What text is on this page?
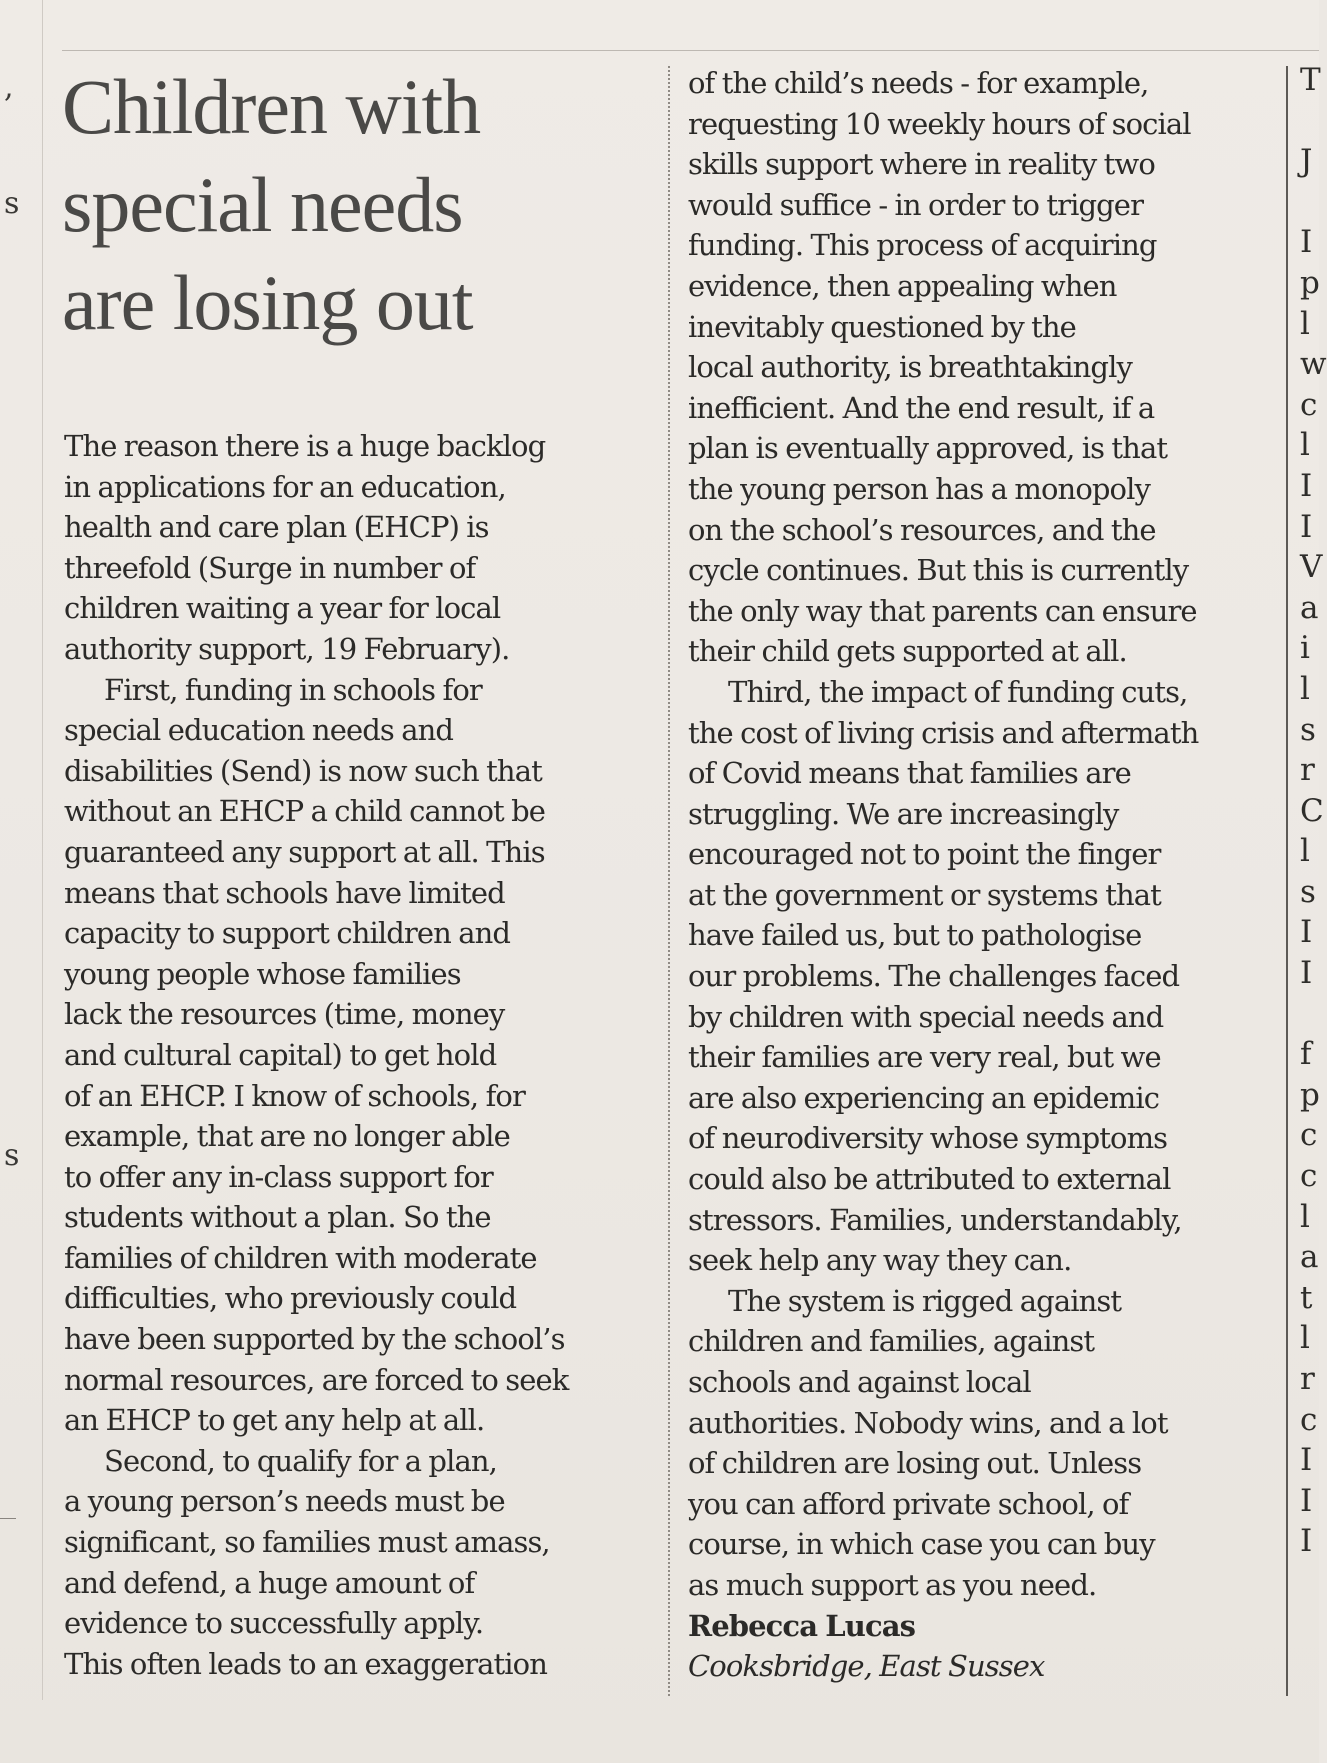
,
s
s
T

J

I
p
l
w
c
l
I
I
V
a
i
l
s
r
C
l
s
I
I

f
p
c
c
l
a
t
l
r
c
I
I
I
Children with
special needs
are losing out
The reason there is a huge backlog
in applications for an education,
health and care plan (EHCP) is
threefold (Surge in number of
children waiting a year for local
authority support, 19 February).
First, funding in schools for
special education needs and
disabilities (Send) is now such that
without an EHCP a child cannot be
guaranteed any support at all. This
means that schools have limited
capacity to support children and
young people whose families
lack the resources (time, money
and cultural capital) to get hold
of an EHCP. I know of schools, for
example, that are no longer able
to offer any in-class support for
students without a plan. So the
families of children with moderate
difficulties, who previously could
have been supported by the school’s
normal resources, are forced to seek
an EHCP to get any help at all.
Second, to qualify for a plan,
a young person’s needs must be
significant, so families must amass,
and defend, a huge amount of
evidence to successfully apply.
This often leads to an exaggeration
of the child’s needs - for example,
requesting 10 weekly hours of social
skills support where in reality two
would suffice - in order to trigger
funding. This process of acquiring
evidence, then appealing when
inevitably questioned by the
local authority, is breathtakingly
inefficient. And the end result, if a
plan is eventually approved, is that
the young person has a monopoly
on the school’s resources, and the
cycle continues. But this is currently
the only way that parents can ensure
their child gets supported at all.
Third, the impact of funding cuts,
the cost of living crisis and aftermath
of Covid means that families are
struggling. We are increasingly
encouraged not to point the finger
at the government or systems that
have failed us, but to pathologise
our problems. The challenges faced
by children with special needs and
their families are very real, but we
are also experiencing an epidemic
of neurodiversity whose symptoms
could also be attributed to external
stressors. Families, understandably,
seek help any way they can.
The system is rigged against
children and families, against
schools and against local
authorities. Nobody wins, and a lot
of children are losing out. Unless
you can afford private school, of
course, in which case you can buy
as much support as you need.
Rebecca Lucas
Cooksbridge, East Sussex
